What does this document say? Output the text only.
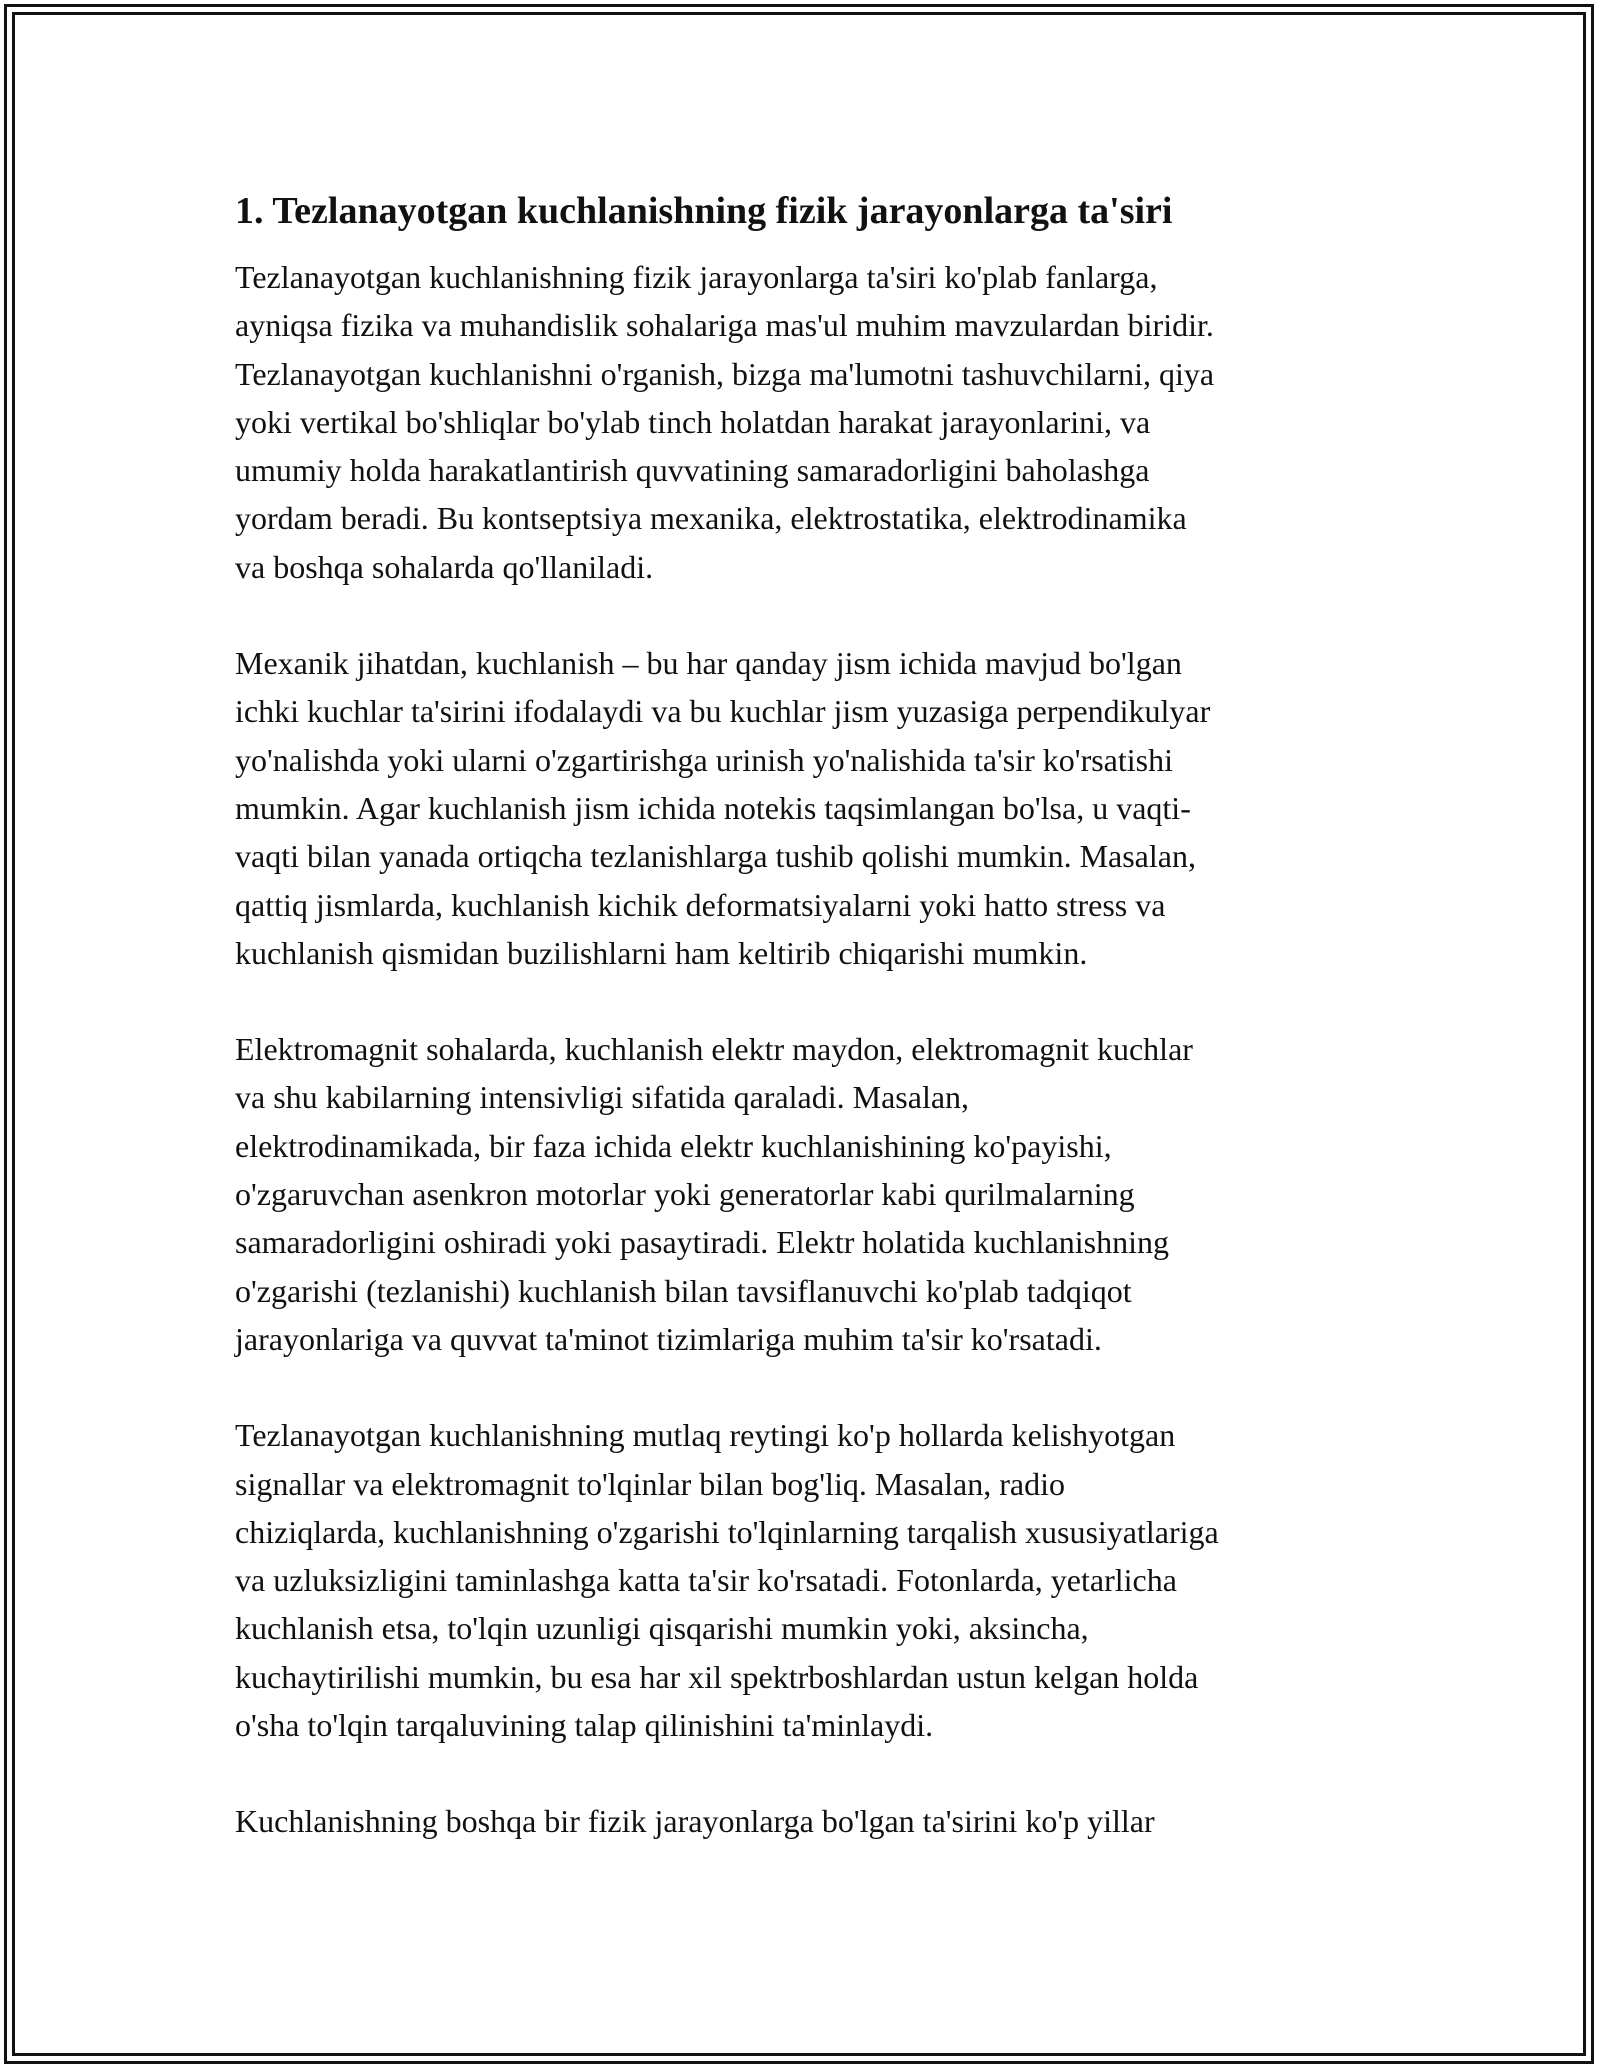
1. Tezlanayotgan kuchlanishning fizik jarayonlarga ta'siri
Tezlanayotgan kuchlanishning fizik jarayonlarga ta'siri ko'plab fanlarga,
ayniqsa fizika va muhandislik sohalariga mas'ul muhim mavzulardan biridir.
Tezlanayotgan kuchlanishni o'rganish, bizga ma'lumotni tashuvchilarni, qiya
yoki vertikal bo'shliqlar bo'ylab tinch holatdan harakat jarayonlarini, va
umumiy holda harakatlantirish quvvatining samaradorligini baholashga
yordam beradi. Bu kontseptsiya mexanika, elektrostatika, elektrodinamika
va boshqa sohalarda qo'llaniladi.
Mexanik jihatdan, kuchlanish – bu har qanday jism ichida mavjud bo'lgan
ichki kuchlar ta'sirini ifodalaydi va bu kuchlar jism yuzasiga perpendikulyar
yo'nalishda yoki ularni o'zgartirishga urinish yo'nalishida ta'sir ko'rsatishi
mumkin. Agar kuchlanish jism ichida notekis taqsimlangan bo'lsa, u vaqti-
vaqti bilan yanada ortiqcha tezlanishlarga tushib qolishi mumkin. Masalan,
qattiq jismlarda, kuchlanish kichik deformatsiyalarni yoki hatto stress va
kuchlanish qismidan buzilishlarni ham keltirib chiqarishi mumkin.
Elektromagnit sohalarda, kuchlanish elektr maydon, elektromagnit kuchlar
va shu kabilarning intensivligi sifatida qaraladi. Masalan,
elektrodinamikada, bir faza ichida elektr kuchlanishining ko'payishi,
o'zgaruvchan asenkron motorlar yoki generatorlar kabi qurilmalarning
samaradorligini oshiradi yoki pasaytiradi. Elektr holatida kuchlanishning
o'zgarishi (tezlanishi) kuchlanish bilan tavsiflanuvchi ko'plab tadqiqot
jarayonlariga va quvvat ta'minot tizimlariga muhim ta'sir ko'rsatadi.
Tezlanayotgan kuchlanishning mutlaq reytingi ko'p hollarda kelishyotgan
signallar va elektromagnit to'lqinlar bilan bog'liq. Masalan, radio
chiziqlarda, kuchlanishning o'zgarishi to'lqinlarning tarqalish xususiyatlariga
va uzluksizligini taminlashga katta ta'sir ko'rsatadi. Fotonlarda, yetarlicha
kuchlanish etsa, to'lqin uzunligi qisqarishi mumkin yoki, aksincha,
kuchaytirilishi mumkin, bu esa har xil spektrboshlardan ustun kelgan holda
o'sha to'lqin tarqaluvining talap qilinishini ta'minlaydi.
Kuchlanishning boshqa bir fizik jarayonlarga bo'lgan ta'sirini ko'p yillar
